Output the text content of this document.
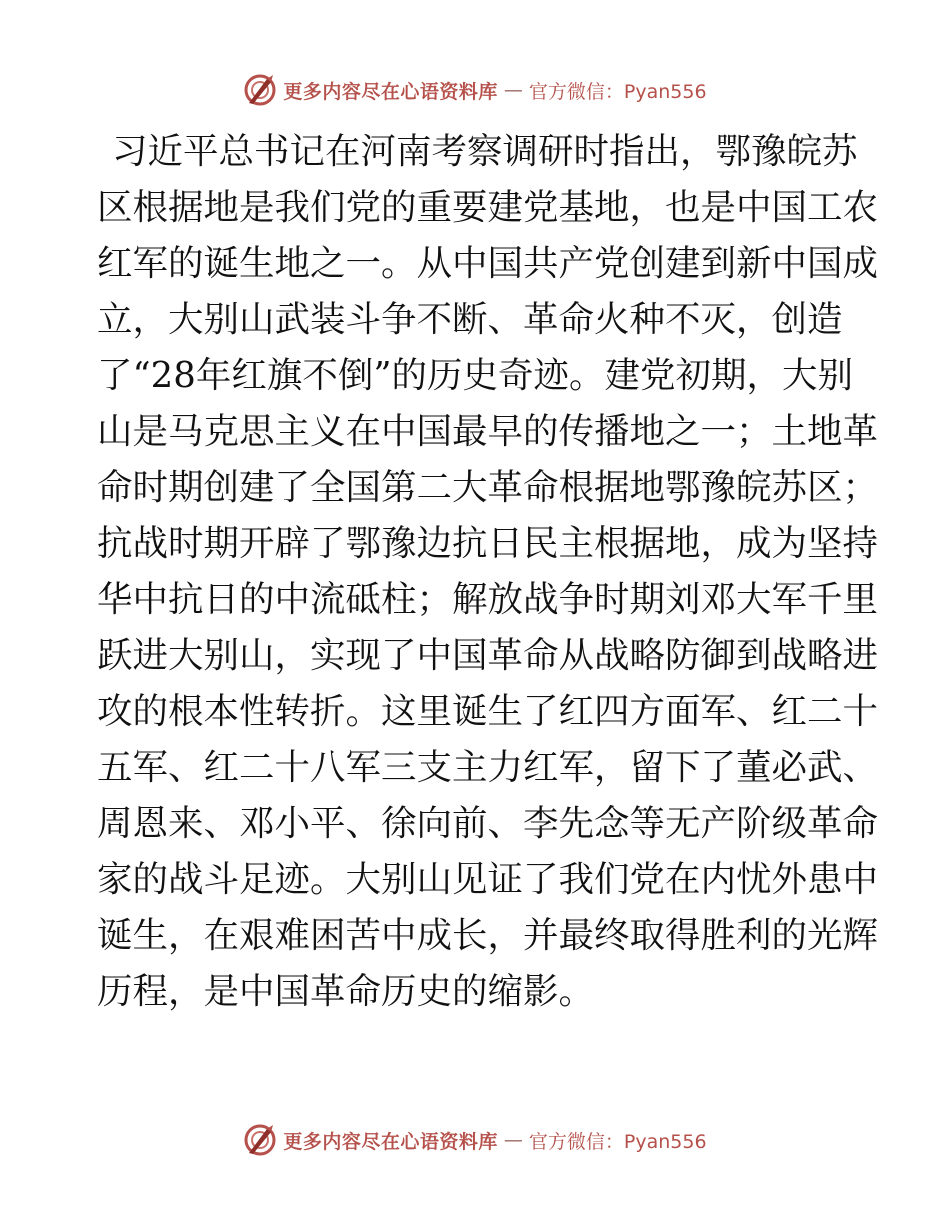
更多内容尽在心语资料库 — 官方微信：Pyan556
习近平总书记在河南考察调研时指出，鄂豫皖苏
区根据地是我们党的重要建党基地，也是中国工农
红军的诞生地之一。从中国共产党创建到新中国成
立，大别山武装斗争不断、革命火种不灭，创造
了“28年红旗不倒”的历史奇迹。建党初期，大别
山是马克思主义在中国最早的传播地之一；土地革
命时期创建了全国第二大革命根据地鄂豫皖苏区；
抗战时期开辟了鄂豫边抗日民主根据地，成为坚持
华中抗日的中流砥柱；解放战争时期刘邓大军千里
跃进大别山，实现了中国革命从战略防御到战略进
攻的根本性转折。这里诞生了红四方面军、红二十
五军、红二十八军三支主力红军，留下了董必武、
周恩来、邓小平、徐向前、李先念等无产阶级革命
家的战斗足迹。大别山见证了我们党在内忧外患中
诞生，在艰难困苦中成长，并最终取得胜利的光辉
历程，是中国革命历史的缩影。
更多内容尽在心语资料库 — 官方微信：Pyan556
